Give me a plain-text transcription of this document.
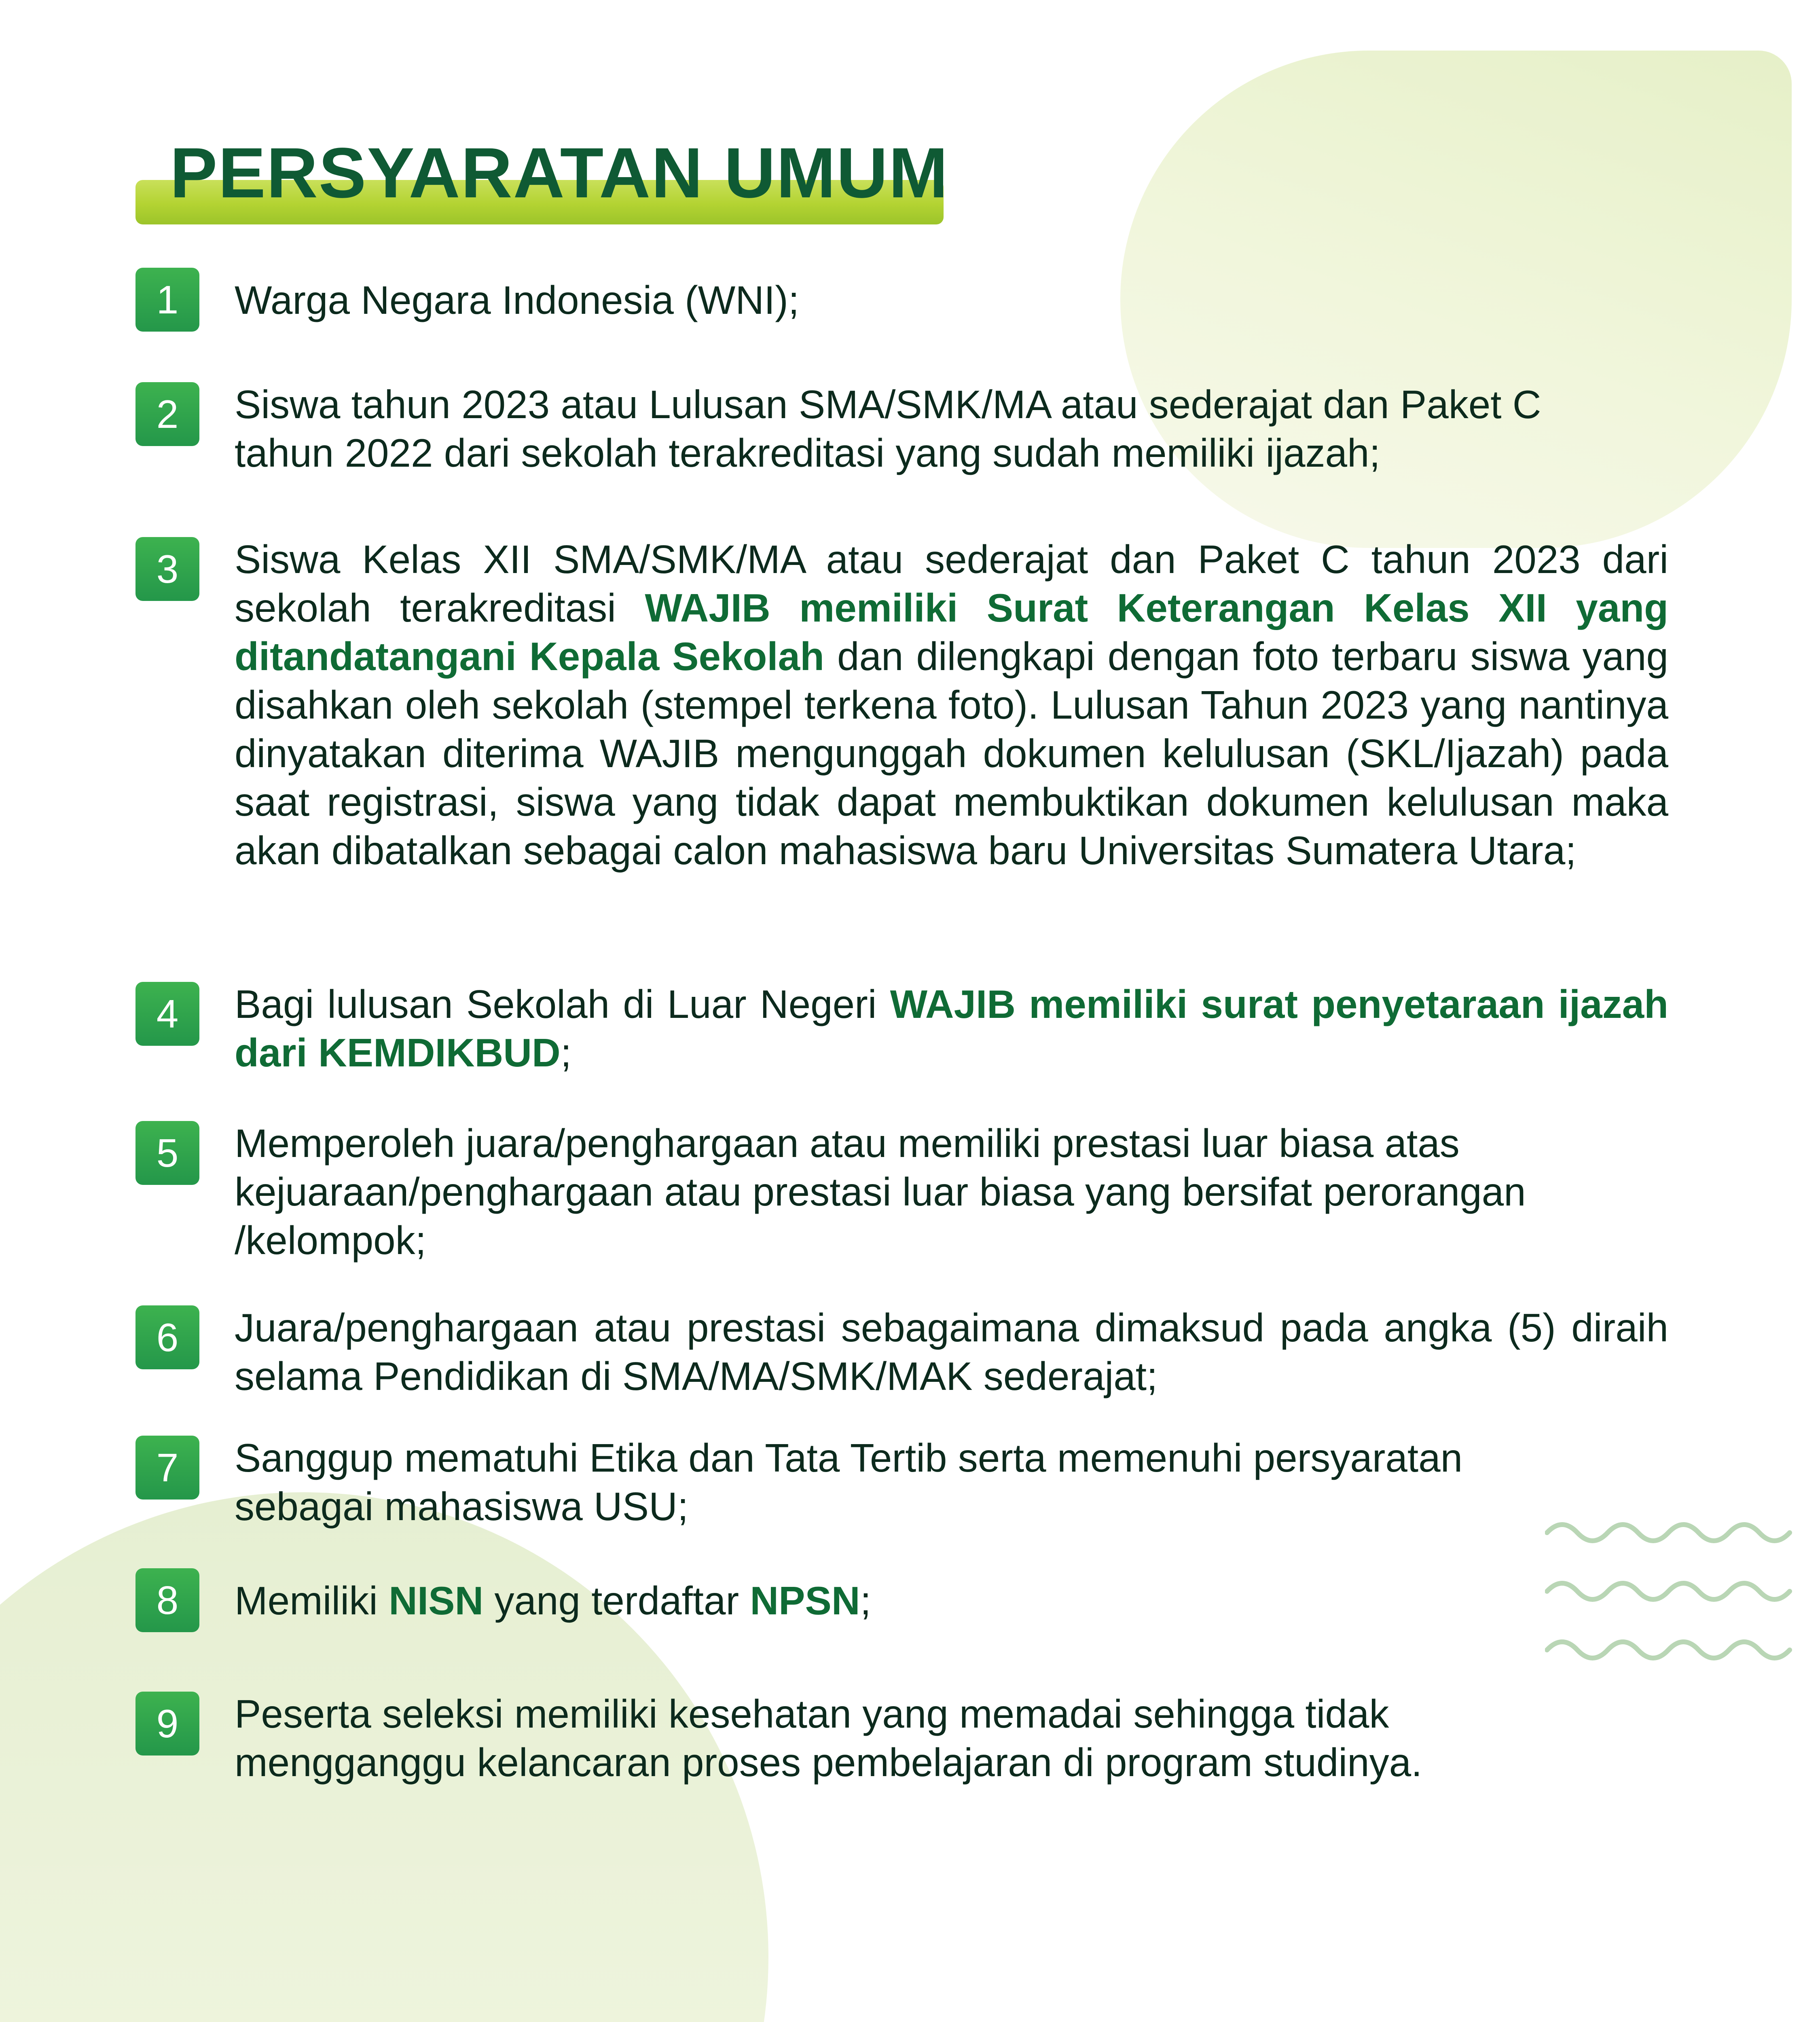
PERSYARATAN UMUM
1	Warga Negara Indonesia (WNI);
2	Siswa tahun 2023 atau Lulusan SMA/SMK/MA atau sederajat dan Paket C tahun 2022 dari sekolah terakreditasi yang sudah memiliki ijazah;
3	Siswa Kelas XII SMA/SMK/MA atau sederajat dan Paket C tahun 2023 dari sekolah terakreditasi WAJIB memiliki Surat Keterangan Kelas XII yang ditandatangani Kepala Sekolah dan dilengkapi dengan foto terbaru siswa yang disahkan oleh sekolah (stempel terkena foto). Lulusan Tahun 2023 yang nantinya dinyatakan diterima WAJIB mengunggah dokumen kelulusan (SKL/Ijazah) pada saat registrasi, siswa yang tidak dapat membuktikan dokumen kelulusan maka akan dibatalkan sebagai calon mahasiswa baru Universitas Sumatera Utara;
4	Bagi lulusan Sekolah di Luar Negeri WAJIB memiliki surat penyetaraan ijazah dari KEMDIKBUD;
5	Memperoleh juara/penghargaan atau memiliki prestasi luar biasa atas kejuaraan/penghargaan atau prestasi luar biasa yang bersifat perorangan /kelompok;
6	Juara/penghargaan atau prestasi sebagaimana dimaksud pada angka (5) diraih selama Pendidikan di SMA/MA/SMK/MAK sederajat;
7	Sanggup mematuhi Etika dan Tata Tertib serta memenuhi persyaratan sebagai mahasiswa USU;
8	Memiliki NISN yang terdaftar NPSN;
9	Peserta seleksi memiliki kesehatan yang memadai sehingga tidak mengganggu kelancaran proses pembelajaran di program studinya.
